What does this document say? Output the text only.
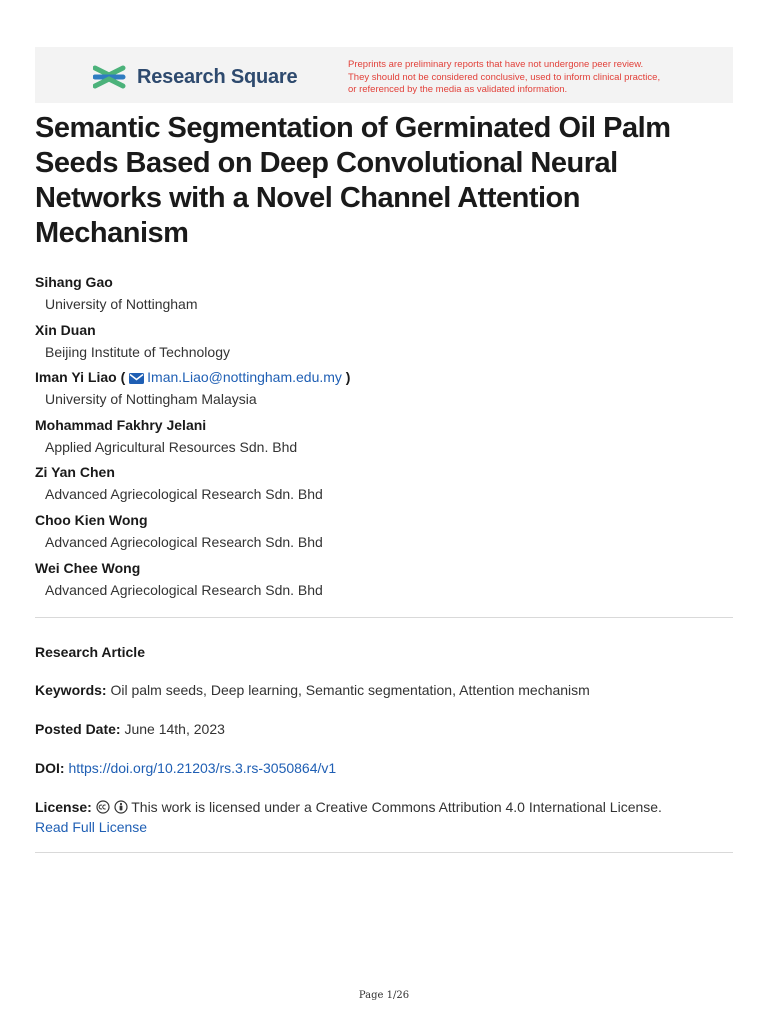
Research Square
Preprints are preliminary reports that have not undergone peer review.
They should not be considered conclusive, used to inform clinical practice,
or referenced by the media as validated information.
Semantic Segmentation of Germinated Oil Palm Seeds Based on Deep Convolutional Neural Networks with a Novel Channel Attention Mechanism
Sihang Gao
University of Nottingham
Xin Duan
Beijing Institute of Technology
Iman Yi Liao ( Iman.Liao@nottingham.edu.my )
University of Nottingham Malaysia
Mohammad Fakhry Jelani
Applied Agricultural Resources Sdn. Bhd
Zi Yan Chen
Advanced Agriecological Research Sdn. Bhd
Choo Kien Wong
Advanced Agriecological Research Sdn. Bhd
Wei Chee Wong
Advanced Agriecological Research Sdn. Bhd
Research Article
Keywords: Oil palm seeds, Deep learning, Semantic segmentation, Attention mechanism
Posted Date: June 14th, 2023
DOI: https://doi.org/10.21203/rs.3.rs-3050864/v1
License:	This work is licensed under a Creative Commons Attribution 4.0 International License.
Read Full License
Page 1/26
